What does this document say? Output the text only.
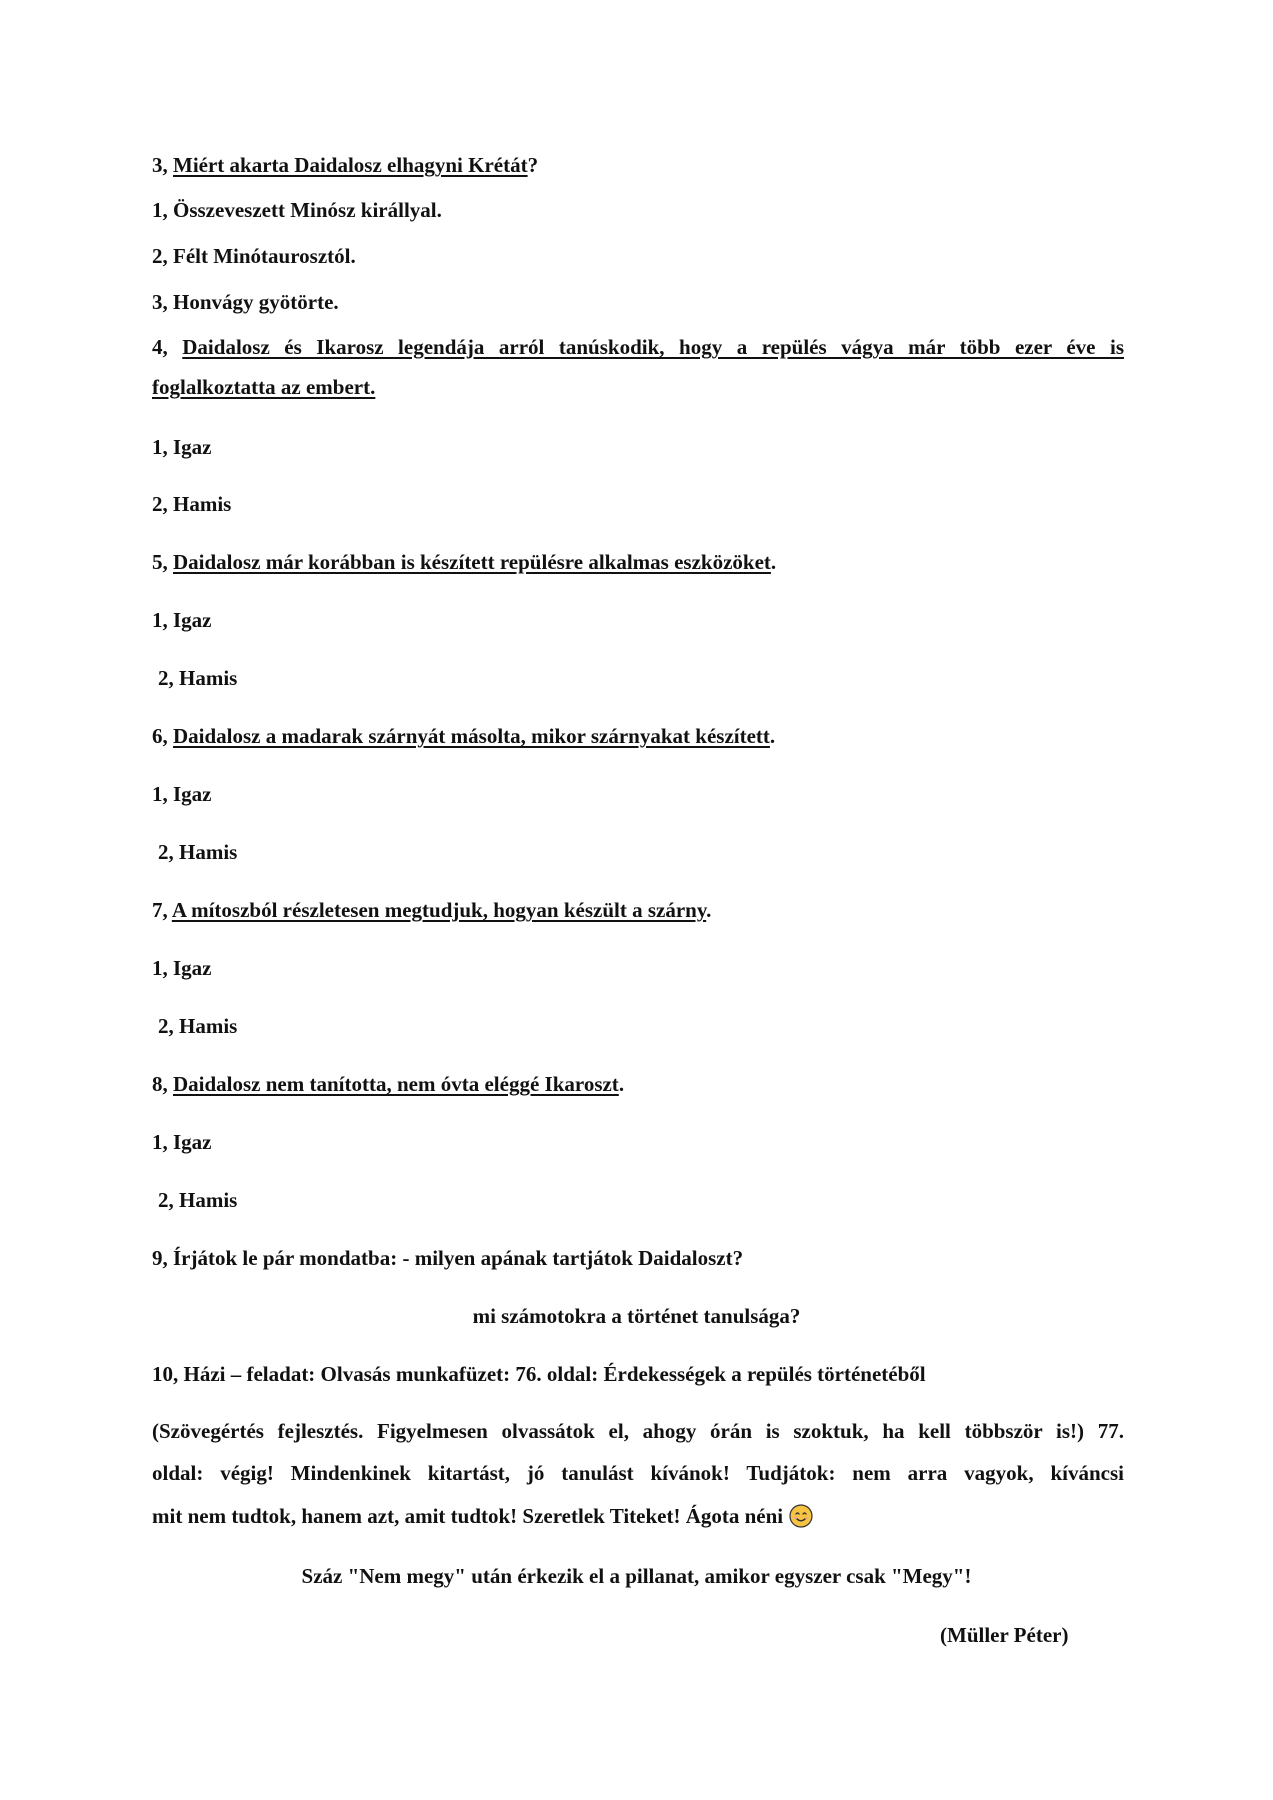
3, Miért akarta Daidalosz elhagyni Krétát?
1, Összeveszett Minósz királlyal.
2, Félt Minótaurosztól.
3, Honvágy gyötörte.
4, Daidalosz és Ikarosz legendája arról tanúskodik, hogy a repülés vágya már több ezer éve is
foglalkoztatta az embert.
1, Igaz
2, Hamis
5, Daidalosz már korábban is készített repülésre alkalmas eszközöket.
1, Igaz
2, Hamis
6, Daidalosz a madarak szárnyát másolta, mikor szárnyakat készített.
1, Igaz
2, Hamis
7, A mítoszból részletesen megtudjuk, hogyan készült a szárny.
1, Igaz
2, Hamis
8, Daidalosz nem tanította, nem óvta eléggé Ikaroszt.
1, Igaz
2, Hamis
9, Írjátok le pár mondatba: - milyen apának tartjátok Daidaloszt?
mi számotokra a történet tanulsága?
10, Házi – feladat: Olvasás munkafüzet: 76. oldal: Érdekességek a repülés történetéből
(Szövegértés fejlesztés. Figyelmesen olvassátok el, ahogy órán is szoktuk, ha kell többször is!) 77.
oldal: végig! Mindenkinek kitartást, jó tanulást kívánok! Tudjátok: nem arra vagyok, kíváncsi
mit nem tudtok, hanem azt, amit tudtok! Szeretlek Titeket! Ágota néni
Száz "Nem megy" után érkezik el a pillanat, amikor egyszer csak "Megy"!
(Müller Péter)
